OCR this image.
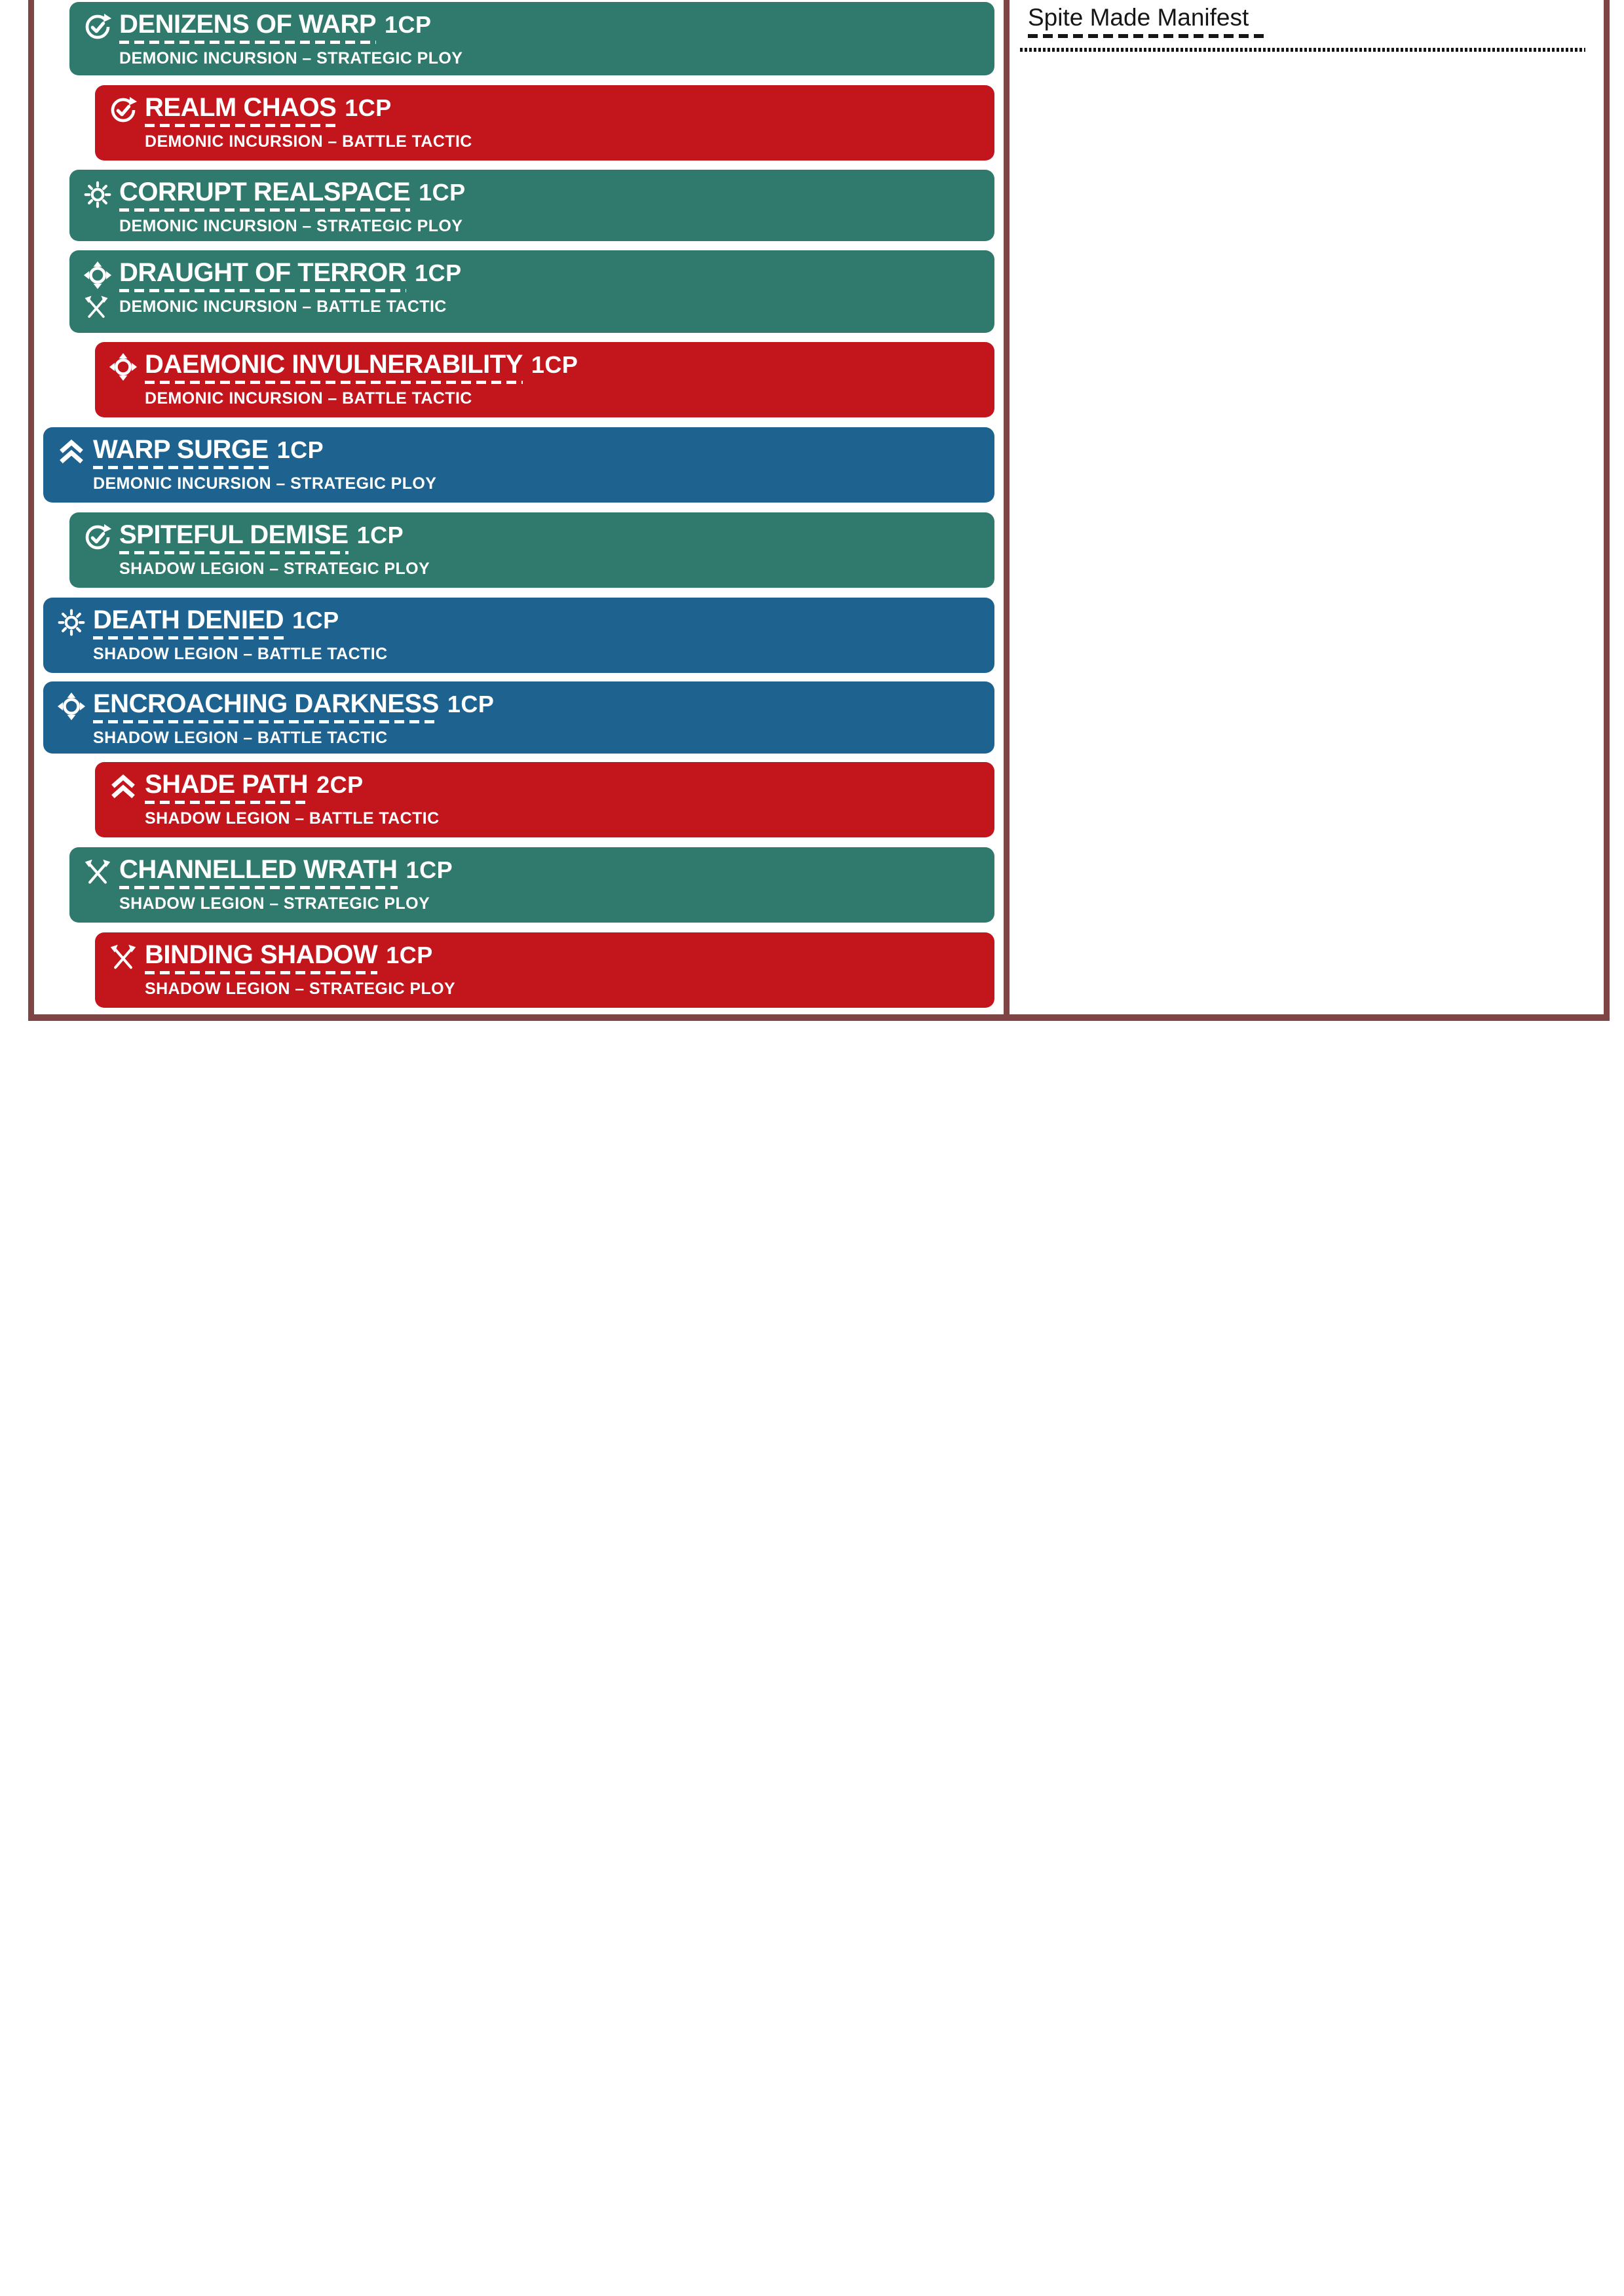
DENIZENS OF WARP 1CP
DEMONIC INCURSION – STRATEGIC PLOY
REALM CHAOS 1CP
DEMONIC INCURSION – BATTLE TACTIC
CORRUPT REALSPACE 1CP
DEMONIC INCURSION – STRATEGIC PLOY
DRAUGHT OF TERROR 1CP
DEMONIC INCURSION – BATTLE TACTIC
DAEMONIC INVULNERABILITY 1CP
DEMONIC INCURSION – BATTLE TACTIC
WARP SURGE 1CP
DEMONIC INCURSION – STRATEGIC PLOY
SPITEFUL DEMISE 1CP
SHADOW LEGION – STRATEGIC PLOY
DEATH DENIED 1CP
SHADOW LEGION – BATTLE TACTIC
ENCROACHING DARKNESS 1CP
SHADOW LEGION – BATTLE TACTIC
SHADE PATH 2CP
SHADOW LEGION – BATTLE TACTIC
CHANNELLED WRATH 1CP
SHADOW LEGION – STRATEGIC PLOY
BINDING SHADOW 1CP
SHADOW LEGION – STRATEGIC PLOY
Spite Made Manifest
